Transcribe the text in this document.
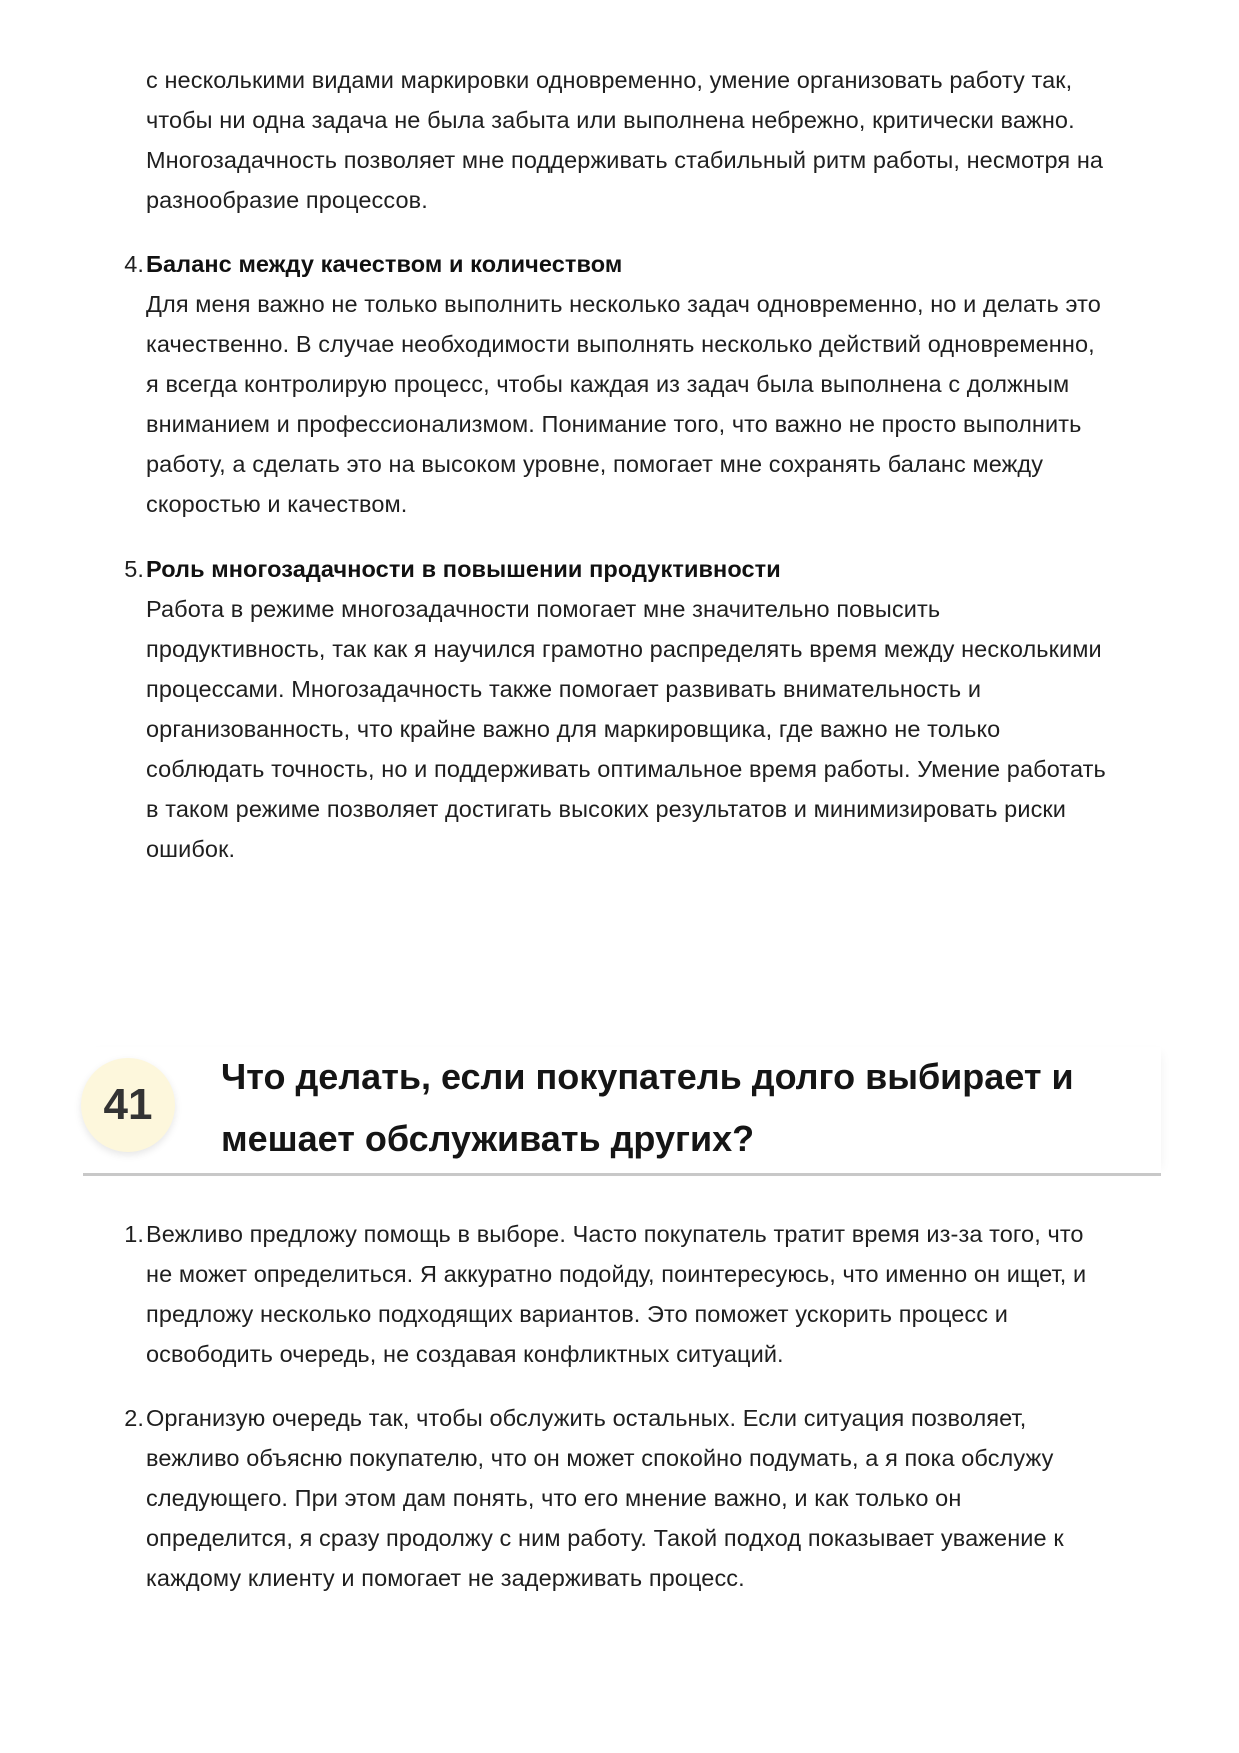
с несколькими видами маркировки одновременно, умение организовать работу так,
чтобы ни одна задача не была забыта или выполнена небрежно, критически важно.
Многозадачность позволяет мне поддерживать стабильный ритм работы, несмотря на
разнообразие процессов.
4. Баланс между качеством и количеством
Для меня важно не только выполнить несколько задач одновременно, но и делать это
качественно. В случае необходимости выполнять несколько действий одновременно,
я всегда контролирую процесс, чтобы каждая из задач была выполнена с должным
вниманием и профессионализмом. Понимание того, что важно не просто выполнить
работу, а сделать это на высоком уровне, помогает мне сохранять баланс между
скоростью и качеством.
5. Роль многозадачности в повышении продуктивности
Работа в режиме многозадачности помогает мне значительно повысить
продуктивность, так как я научился грамотно распределять время между несколькими
процессами. Многозадачность также помогает развивать внимательность и
организованность, что крайне важно для маркировщика, где важно не только
соблюдать точность, но и поддерживать оптимальное время работы. Умение работать
в таком режиме позволяет достигать высоких результатов и минимизировать риски
ошибок.
41
Что делать, если покупатель долго выбирает и
мешает обслуживать других?
1. Вежливо предложу помощь в выборе. Часто покупатель тратит время из-за того, что
не может определиться. Я аккуратно подойду, поинтересуюсь, что именно он ищет, и
предложу несколько подходящих вариантов. Это поможет ускорить процесс и
освободить очередь, не создавая конфликтных ситуаций.
2. Организую очередь так, чтобы обслужить остальных. Если ситуация позволяет,
вежливо объясню покупателю, что он может спокойно подумать, а я пока обслужу
следующего. При этом дам понять, что его мнение важно, и как только он
определится, я сразу продолжу с ним работу. Такой подход показывает уважение к
каждому клиенту и помогает не задерживать процесс.
